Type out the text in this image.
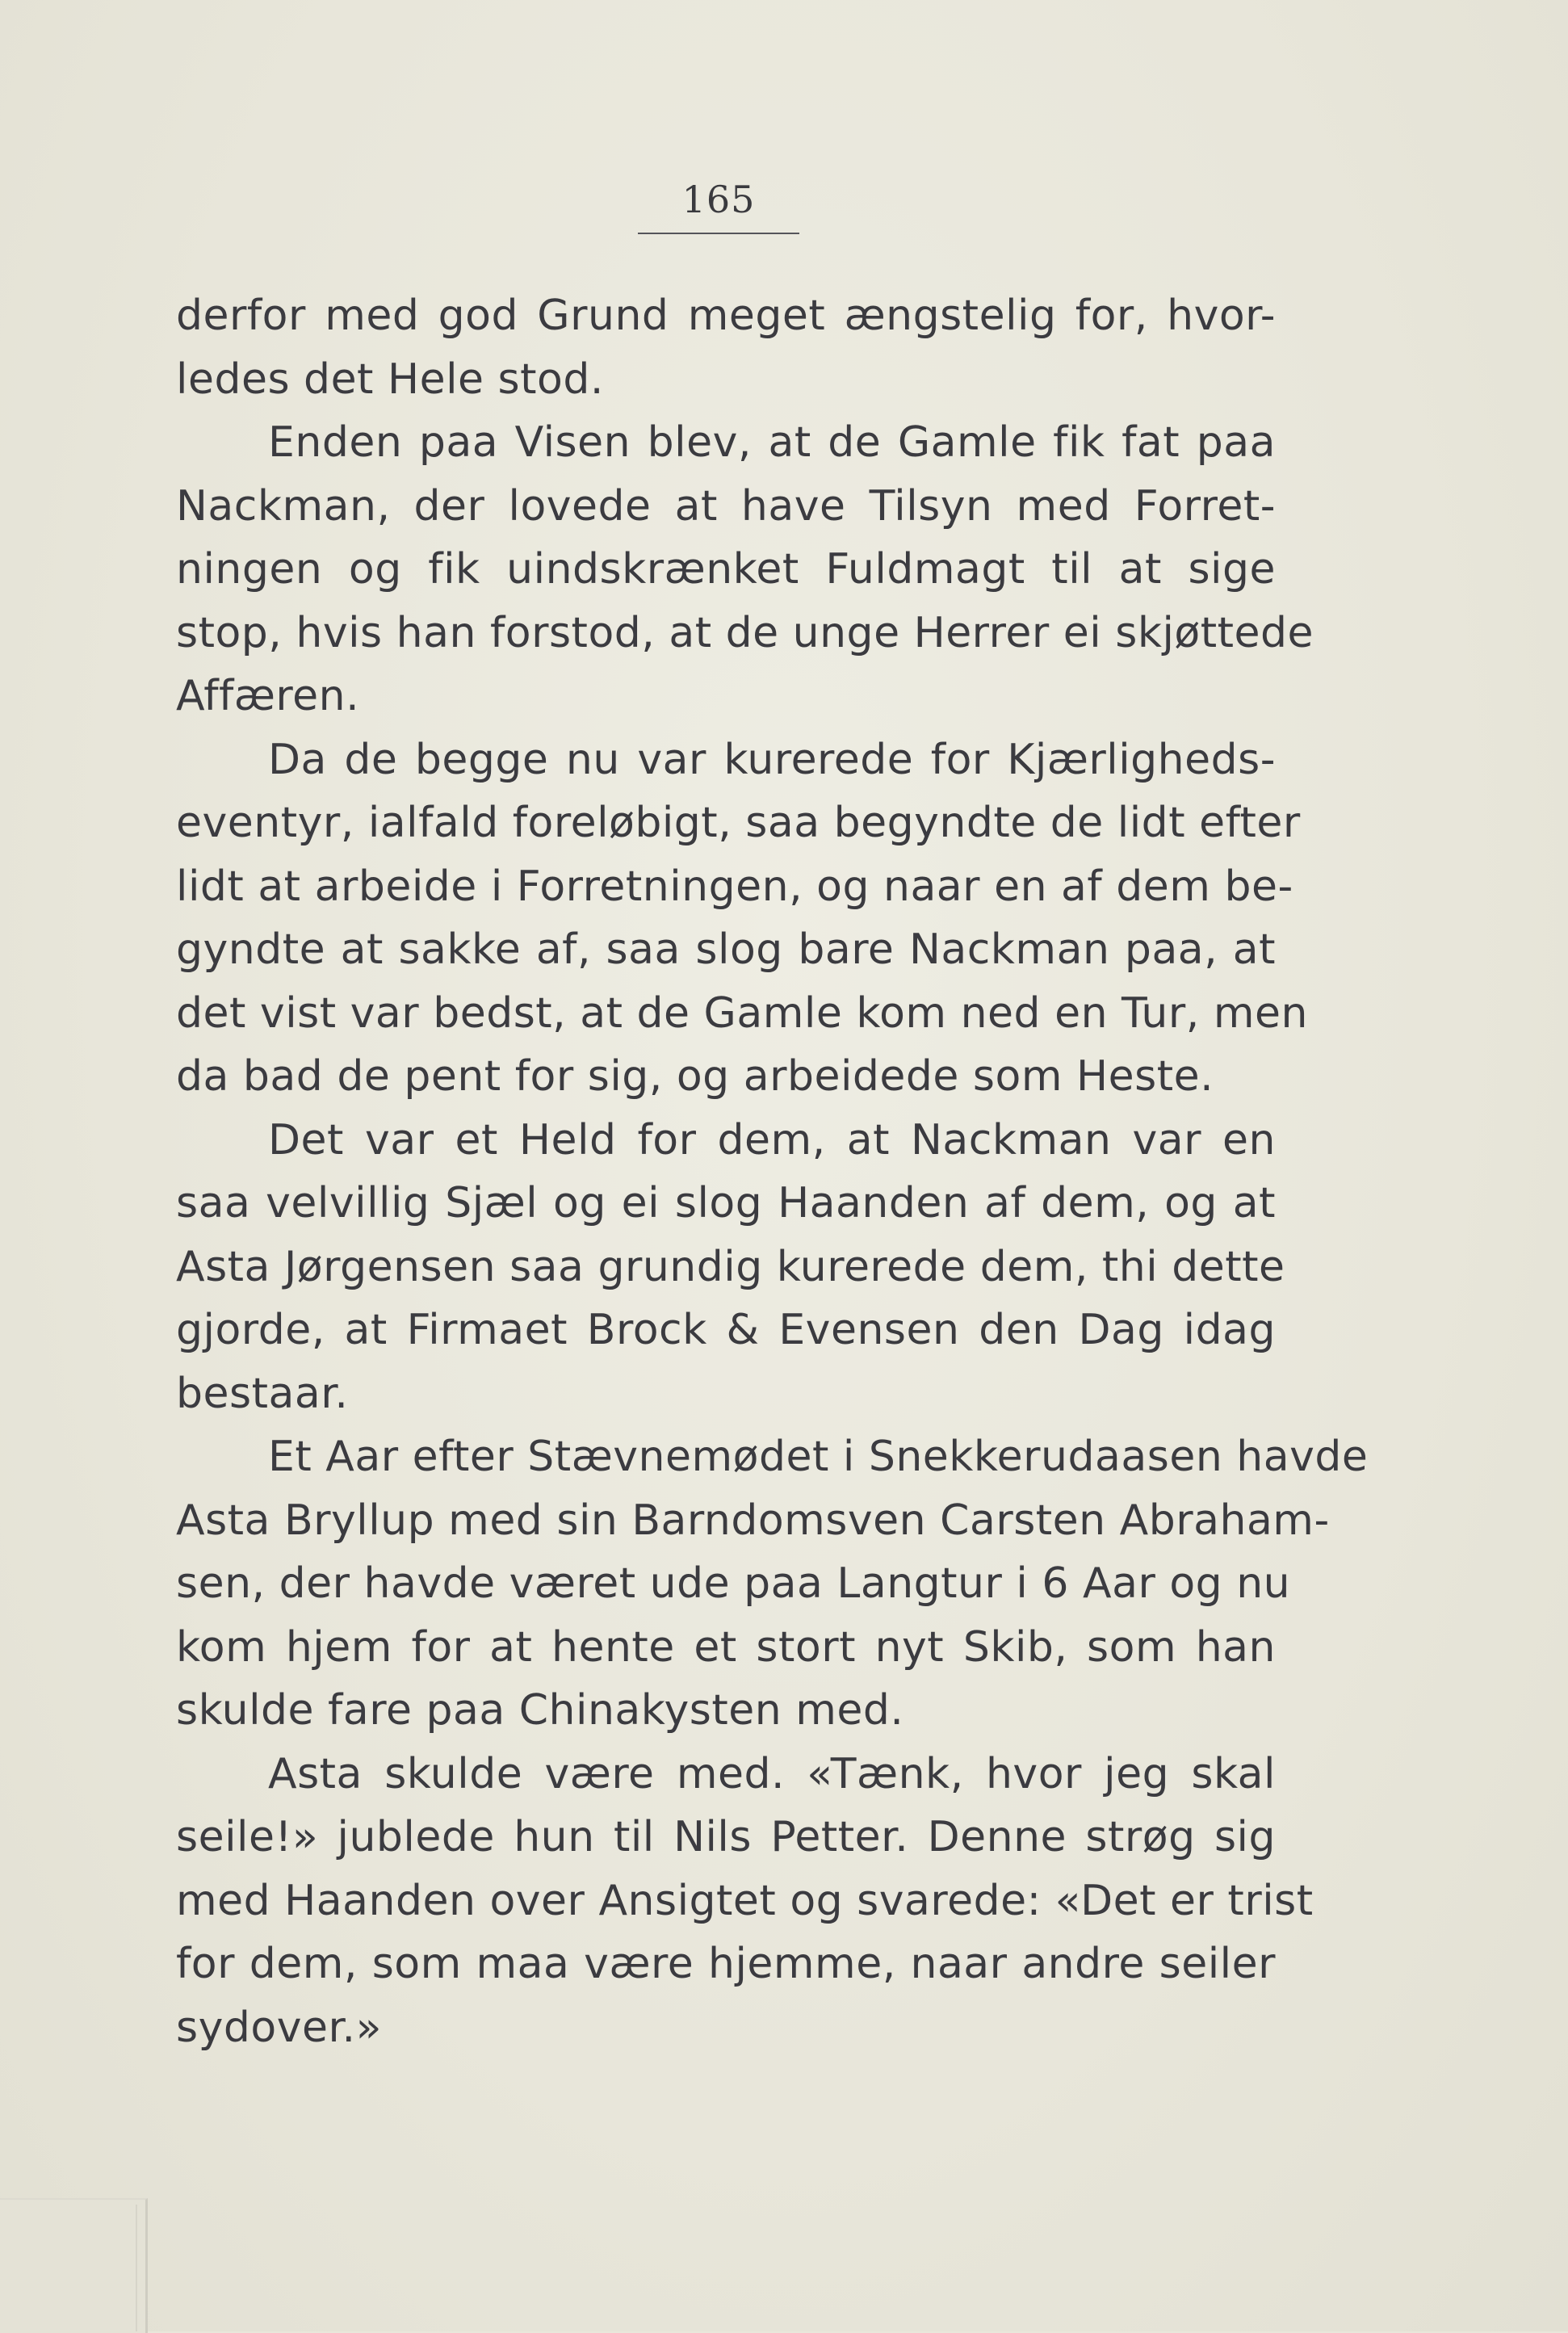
165
derfor med god Grund meget ængstelig for, hvor-
ledes det Hele stod.
Enden paa Visen blev, at de Gamle fik fat paa
Nackman, der lovede at have Tilsyn med Forret-
ningen og fik uindskrænket Fuldmagt til at sige
stop, hvis han forstod, at de unge Herrer ei skjøttede
Affæren.
Da de begge nu var kurerede for Kjærligheds-
eventyr, ialfald foreløbigt, saa begyndte de lidt efter
lidt at arbeide i Forretningen, og naar en af dem be-
gyndte at sakke af, saa slog bare Nackman paa, at
det vist var bedst, at de Gamle kom ned en Tur, men
da bad de pent for sig, og arbeidede som Heste.
Det var et Held for dem, at Nackman var en
saa velvillig Sjæl og ei slog Haanden af dem, og at
Asta Jørgensen saa grundig kurerede dem, thi dette
gjorde, at Firmaet Brock & Evensen den Dag idag
bestaar.
Et Aar efter Stævnemødet i Snekkerudaasen havde
Asta Bryllup med sin Barndomsven Carsten Abraham-
sen, der havde været ude paa Langtur i 6 Aar og nu
kom hjem for at hente et stort nyt Skib, som han
skulde fare paa Chinakysten med.
Asta skulde være med. «Tænk, hvor jeg skal
seile!» jublede hun til Nils Petter. Denne strøg sig
med Haanden over Ansigtet og svarede: «Det er trist
for dem, som maa være hjemme, naar andre seiler
sydover.»
